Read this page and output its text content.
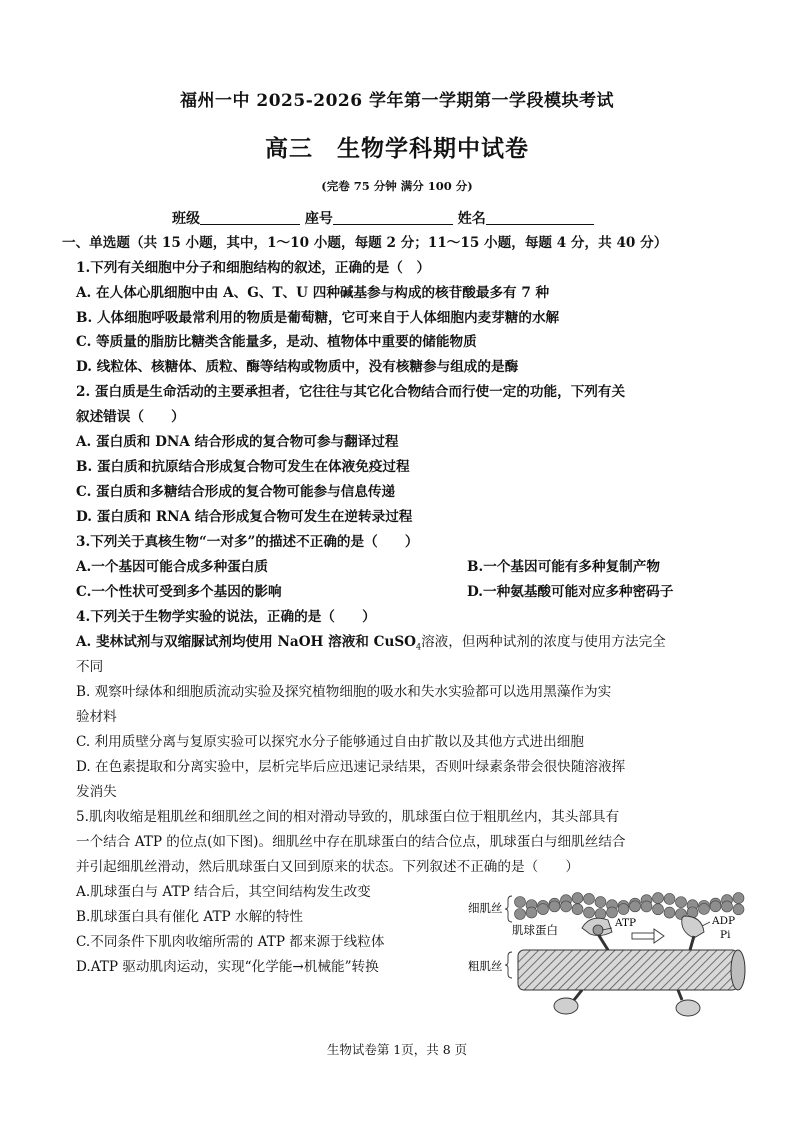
福州一中 2025-2026 学年第一学期第一学段模块考试
高三　生物学科期中试卷
(完卷 75 分钟 满分 100 分)
班级	座号	姓名
一、单选题（共 15 小题，其中，1～10 小题，每题 2 分；11～15 小题，每题 4 分，共 40 分）
1.下列有关细胞中分子和细胞结构的叙述，正确的是（　）
A. 在人体心肌细胞中由 A、G、T、U 四种碱基参与构成的核苷酸最多有 7 种
B. 人体细胞呼吸最常利用的物质是葡萄糖，它可来自于人体细胞内麦芽糖的水解
C. 等质量的脂肪比糖类含能量多，是动、植物体中重要的储能物质
D. 线粒体、核糖体、质粒、酶等结构或物质中，没有核糖参与组成的是酶
2. 蛋白质是生命活动的主要承担者，它往往与其它化合物结合而行使一定的功能，下列有关
叙述错误（　　）
A. 蛋白质和 DNA 结合形成的复合物可参与翻译过程
B. 蛋白质和抗原结合形成复合物可发生在体液免疫过程
C. 蛋白质和多糖结合形成的复合物可能参与信息传递
D. 蛋白质和 RNA 结合形成复合物可发生在逆转录过程
3.下列关于真核生物“一对多”的描述不正确的是（　　）
A.一个基因可能合成多种蛋白质	B.一个基因可能有多种复制产物
C.一个性状可受到多个基因的影响	D.一种氨基酸可能对应多种密码子
4.下列关于生物学实验的说法，正确的是（　　）
A. 斐林试剂与双缩脲试剂均使用 NaOH 溶液和 CuSO$_4$溶液，但两种试剂的浓度与使用方法完全
不同
B. 观察叶绿体和细胞质流动实验及探究植物细胞的吸水和失水实验都可以选用黑藻作为实
验材料
C. 利用质壁分离与复原实验可以探究水分子能够通过自由扩散以及其他方式进出细胞
D. 在色素提取和分离实验中，层析完毕后应迅速记录结果，否则叶绿素条带会很快随溶液挥
发消失
5.肌肉收缩是粗肌丝和细肌丝之间的相对滑动导致的，肌球蛋白位于粗肌丝内，其头部具有
一个结合 ATP 的位点(如下图)。细肌丝中存在肌球蛋白的结合位点，肌球蛋白与细肌丝结合
并引起细肌丝滑动，然后肌球蛋白又回到原来的状态。下列叙述不正确的是（　　）
A.肌球蛋白与 ATP 结合后，其空间结构发生改变
B.肌球蛋白具有催化 ATP 水解的特性
C.不同条件下肌肉收缩所需的 ATP 都来源于线粒体
D.ATP 驱动肌肉运动，实现“化学能→机械能”转换
细肌丝
肌球蛋白
粗肌丝
ATP	ADP
Pi
生物试卷第 1页，共 8 页
